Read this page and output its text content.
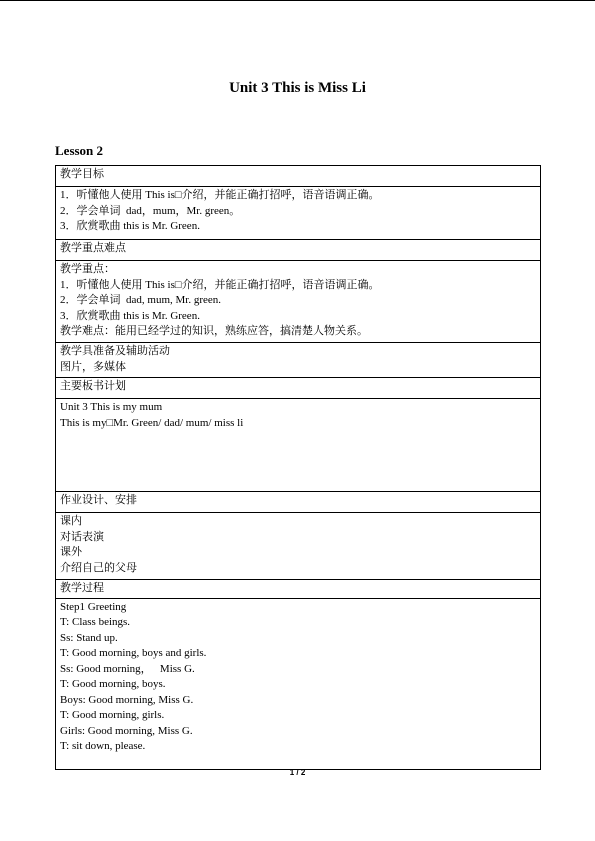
Unit 3 This is Miss Li
Lesson 2
教学目标

1．听懂他人使用 This is□介绍，并能正确打招呼，语音语调正确。
2．学会单词  dad，mum，Mr. green。
3．欣赏歌曲 this is Mr. Green.

教学重点难点

教学重点：
1．听懂他人使用 This is□介绍，并能正确打招呼，语音语调正确。
2．学会单词  dad, mum, Mr. green.
3．欣赏歌曲 this is Mr. Green.
教学难点：能用已经学过的知识，熟练应答，搞清楚人物关系。

教学具准备及辅助活动
图片，多媒体

主要板书计划

Unit 3 This is my mum
This is my□Mr. Green/ dad/ mum/ miss li

作业设计、安排

课内
对话表演
课外
介绍自己的父母

教学过程

Step1 Greeting
T: Class beings.
Ss: Stand up.
T: Good morning, boys and girls.
Ss: Good morning，   Miss G.
T: Good morning, boys.
Boys: Good morning, Miss G.
T: Good morning, girls.
Girls: Good morning, Miss G.
T: sit down, please.
1 / 2
